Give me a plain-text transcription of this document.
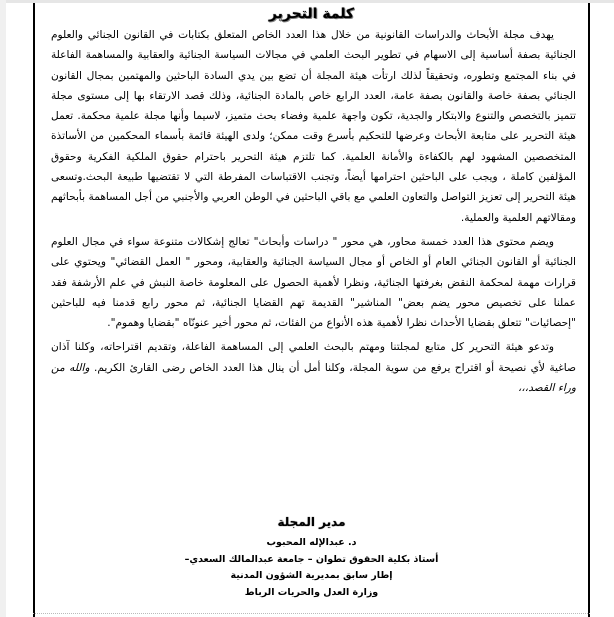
كلمة التحرير

يهدف مجلة الأبحاث والدراسات القانونية من خلال هذا العدد الخاص المتعلق بكتابات في القانون الجنائي والعلوم الجنائية بصفة أساسية إلى الاسهام في تطوير البحث العلمي في مجالات السياسة الجنائية والعقابية والمساهمة الفاعلة في بناء المجتمع وتطوره، وتحقيقاً لذلك ارتأت هيئة المجلة أن تضع بين يدي السادة الباحثين والمهتمين بمجال القانون الجنائي بصفة خاصة والقانون بصفة عامة، العدد الرابع خاص بالمادة الجنائية، وذلك قصد الارتقاء بها إلى مستوى مجلة تتميز بالتخصص والتنوع والابتكار والجدية، تكون واجهة علمية وفضاء بحث متميز، لاسيما وأنها مجلة علمية محكمة. تعمل هيئة التحرير على متابعة الأبحاث وعرضها للتحكيم بأسرع وقت ممكن؛ ولدى الهيئة قائمة بأسماء المحكمين من الأساتذة المتخصصين المشهود لهم بالكفاءة والأمانة العلمية. كما تلتزم هيئة التحرير باحترام حقوق الملكية الفكرية وحقوق المؤلفين كاملة ، ويجب على الباحثين احترامها أيضاً، وتجنب الاقتباسات المفرطة التي لا تقتضيها طبيعة البحث.وتسعى هيئة التحرير إلى تعزيز التواصل والتعاون العلمي مع باقي الباحثين في الوطن العربي والأجنبي من أجل المساهمة بأبحاثهم ومقالاتهم العلمية والعملية.

ويضم محتوى هذا العدد خمسة محاور، هي محور " دراسات وأبحاث" تعالج إشكالات متنوعة سواء في مجال العلوم الجنائية أو القانون الجنائي العام أو الخاص أو مجال السياسة الجنائية والعقابية، ومحور " العمل القضائي" ويحتوي على قرارات مهمة لمحكمة النقض بغرفتها الجنائية، ونظرا لأهمية الحصول على المعلومة خاصة النبش في علم الأرشفة فقد عملنا على تخصيص محور يضم بعض" المناشير" القديمة تهم القضايا الجنائية، ثم محور رابع قدمنا فيه للباحثين "إحصائيات" تتعلق بقضايا الأحداث نظرا لأهمية هذه الأنواع من الفئات، ثم محور أخير عنونّاه "بقضايا وهموم".

وتدعو هيئة التحرير كل متابع لمجلتنا ومهتم بالبحث العلمي إلى المساهمة الفاعلة، وتقديم اقتراحاته، وكلنا آذان صاغية لأي نصيحة أو اقتراح يرفع من سوية المجلة، وكلنا أمل أن ينال هذا العدد الخاص رضى القارئ الكريم. والله من وراء القصد،،،

مدير المجلة
د. عبدالإله المحبوب
أستاذ بكلية الحقوق تطوان – جامعة عبدالمالك السعدي–
إطار سابق بمديرية الشؤون المدنية
وزارة العدل والحريات الرباط
